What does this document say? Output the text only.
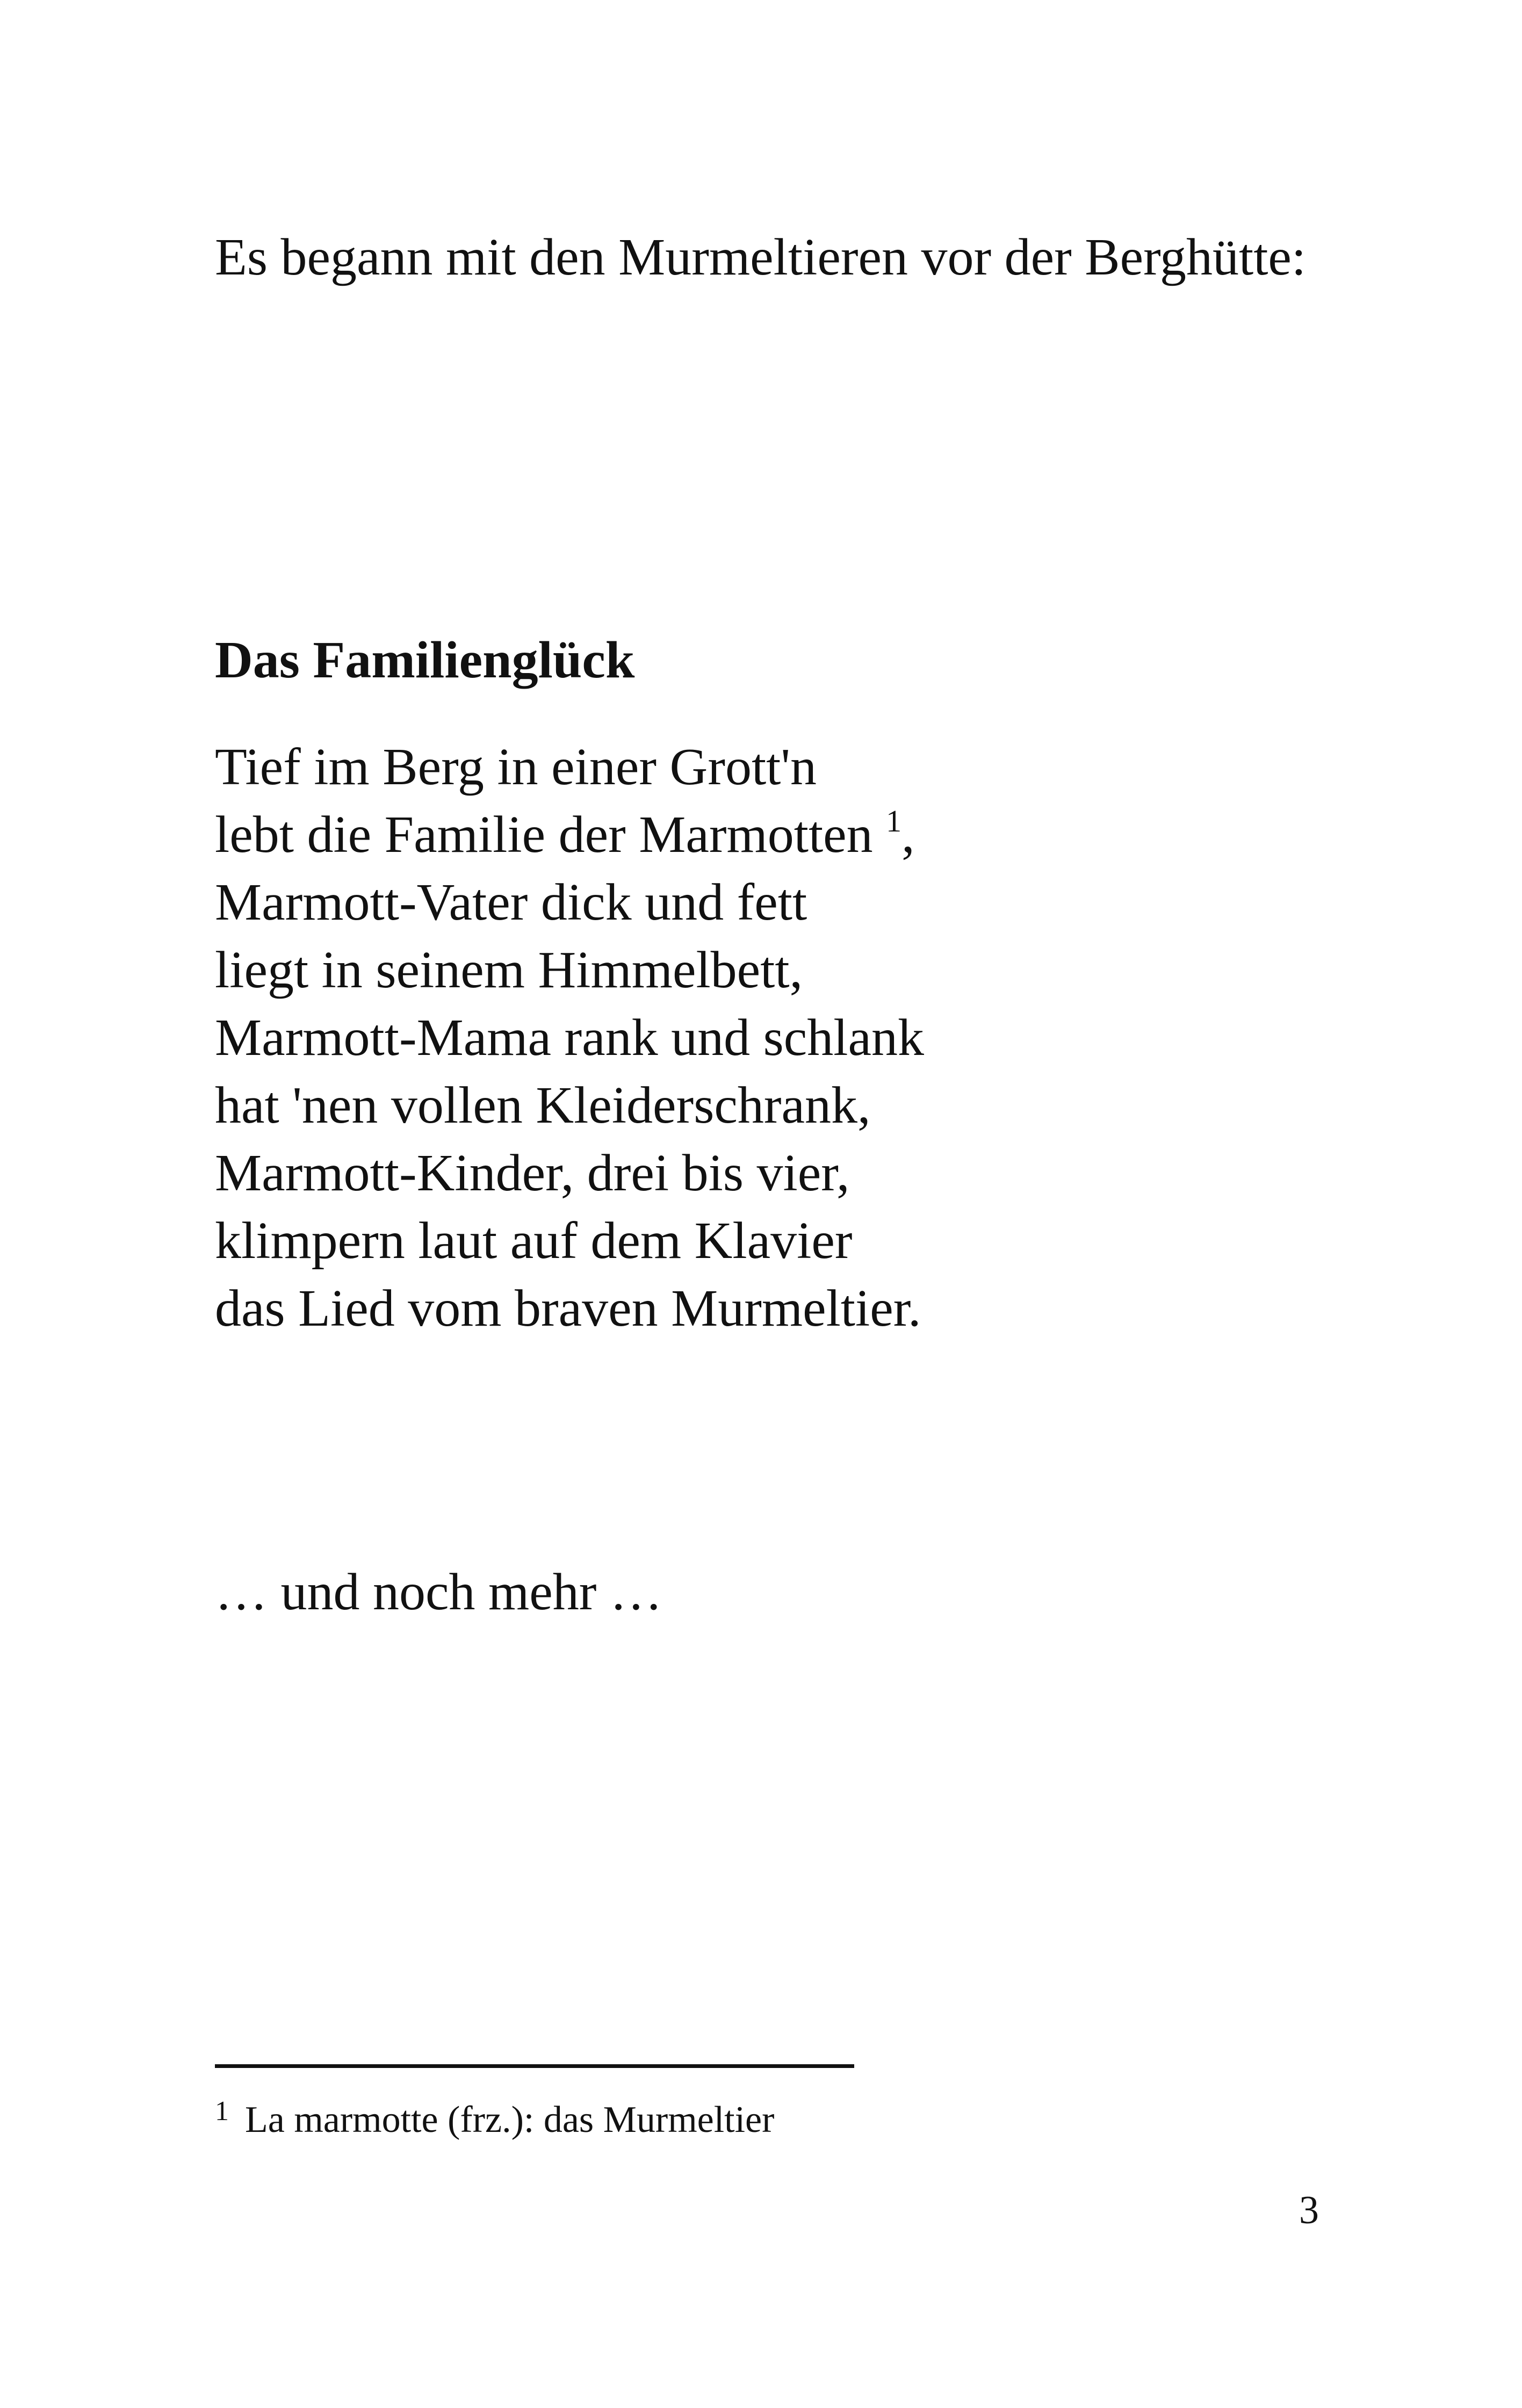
Es begann mit den Murmeltieren vor der Berghütte:
Das Familienglück
Tief im Berg in einer Grott'n
lebt die Familie der Marmotten $^1$,
Marmott-Vater dick und fett
liegt in seinem Himmelbett,
Marmott-Mama rank und schlank
hat 'nen vollen Kleiderschrank,
Marmott-Kinder, drei bis vier,
klimpern laut auf dem Klavier
das Lied vom braven Murmeltier.
… und noch mehr …
$^1$ La marmotte (frz.): das Murmeltier
3
